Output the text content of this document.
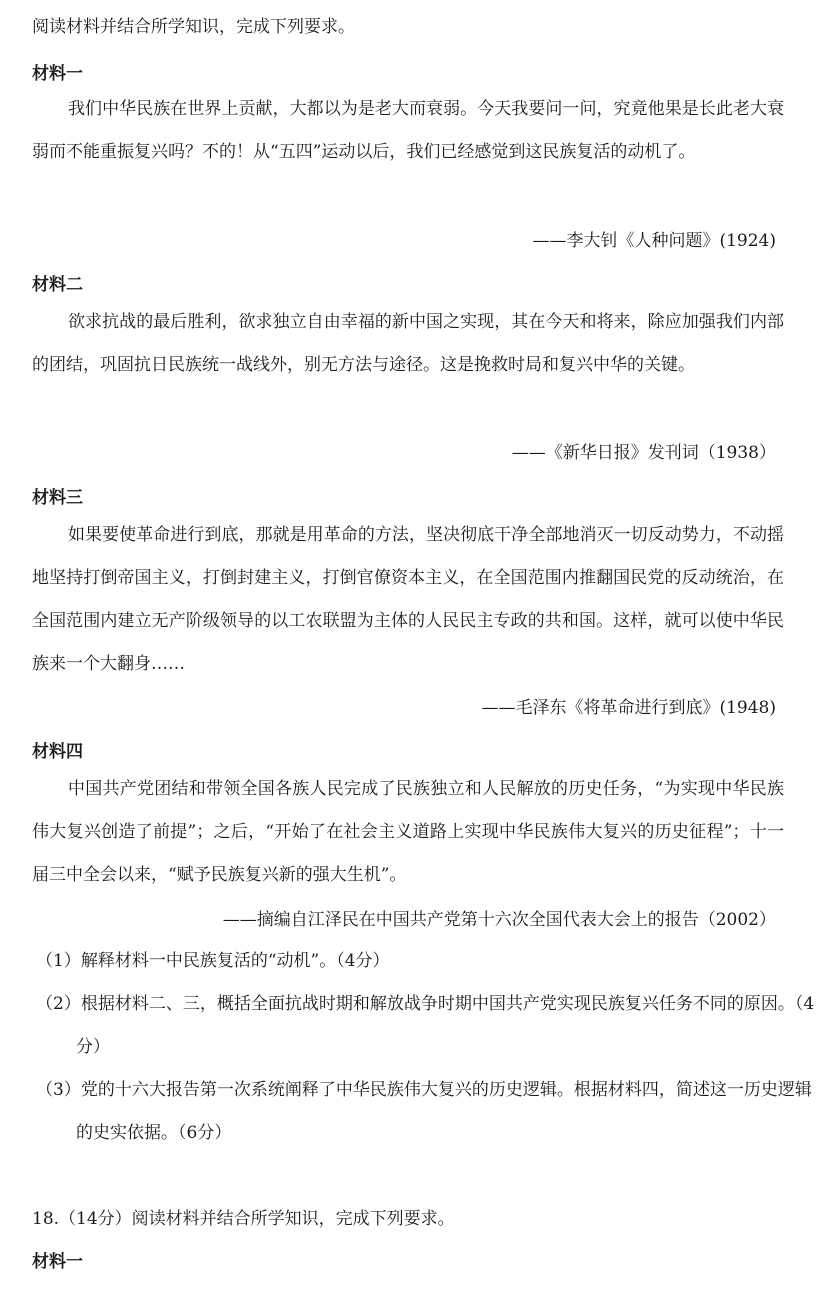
阅读材料并结合所学知识，完成下列要求。
材料一

我们中华民族在世界上贡献，大都以为是老大而衰弱。今天我要问一问，究竟他果是长此老大衰弱而不能重振复兴吗？不的！从“五四”运动以后，我们已经感觉到这民族复活的动机了。

——李大钊《人种问题》(1924)
材料二

欲求抗战的最后胜利，欲求独立自由幸福的新中国之实现，其在今天和将来，除应加强我们内部的团结，巩固抗日民族统一战线外，别无方法与途径。这是挽救时局和复兴中华的关键。

——《新华日报》发刊词（1938）
材料三

如果要使革命进行到底，那就是用革命的方法，坚决彻底干净全部地消灭一切反动势力，不动摇地坚持打倒帝国主义，打倒封建主义，打倒官僚资本主义，在全国范围内推翻国民党的反动统治，在全国范围内建立无产阶级领导的以工农联盟为主体的人民民主专政的共和国。这样，就可以使中华民族来一个大翻身……

——毛泽东《将革命进行到底》(1948)
材料四

中国共产党团结和带领全国各族人民完成了民族独立和人民解放的历史任务，“为实现中华民族伟大复兴创造了前提”；之后，“开始了在社会主义道路上实现中华民族伟大复兴的历史征程”；十一届三中全会以来，“赋予民族复兴新的强大生机”。

——摘编自江泽民在中国共产党第十六次全国代表大会上的报告（2002）

（1）解释材料一中民族复活的“动机”。（4分）

（2）根据材料二、三，概括全面抗战时期和解放战争时期中国共产党实现民族复兴任务不同的原因。（4分）

（3）党的十六大报告第一次系统阐释了中华民族伟大复兴的历史逻辑。根据材料四，简述这一历史逻辑的史实依据。（6分）

18.（14分）阅读材料并结合所学知识，完成下列要求。
材料一
